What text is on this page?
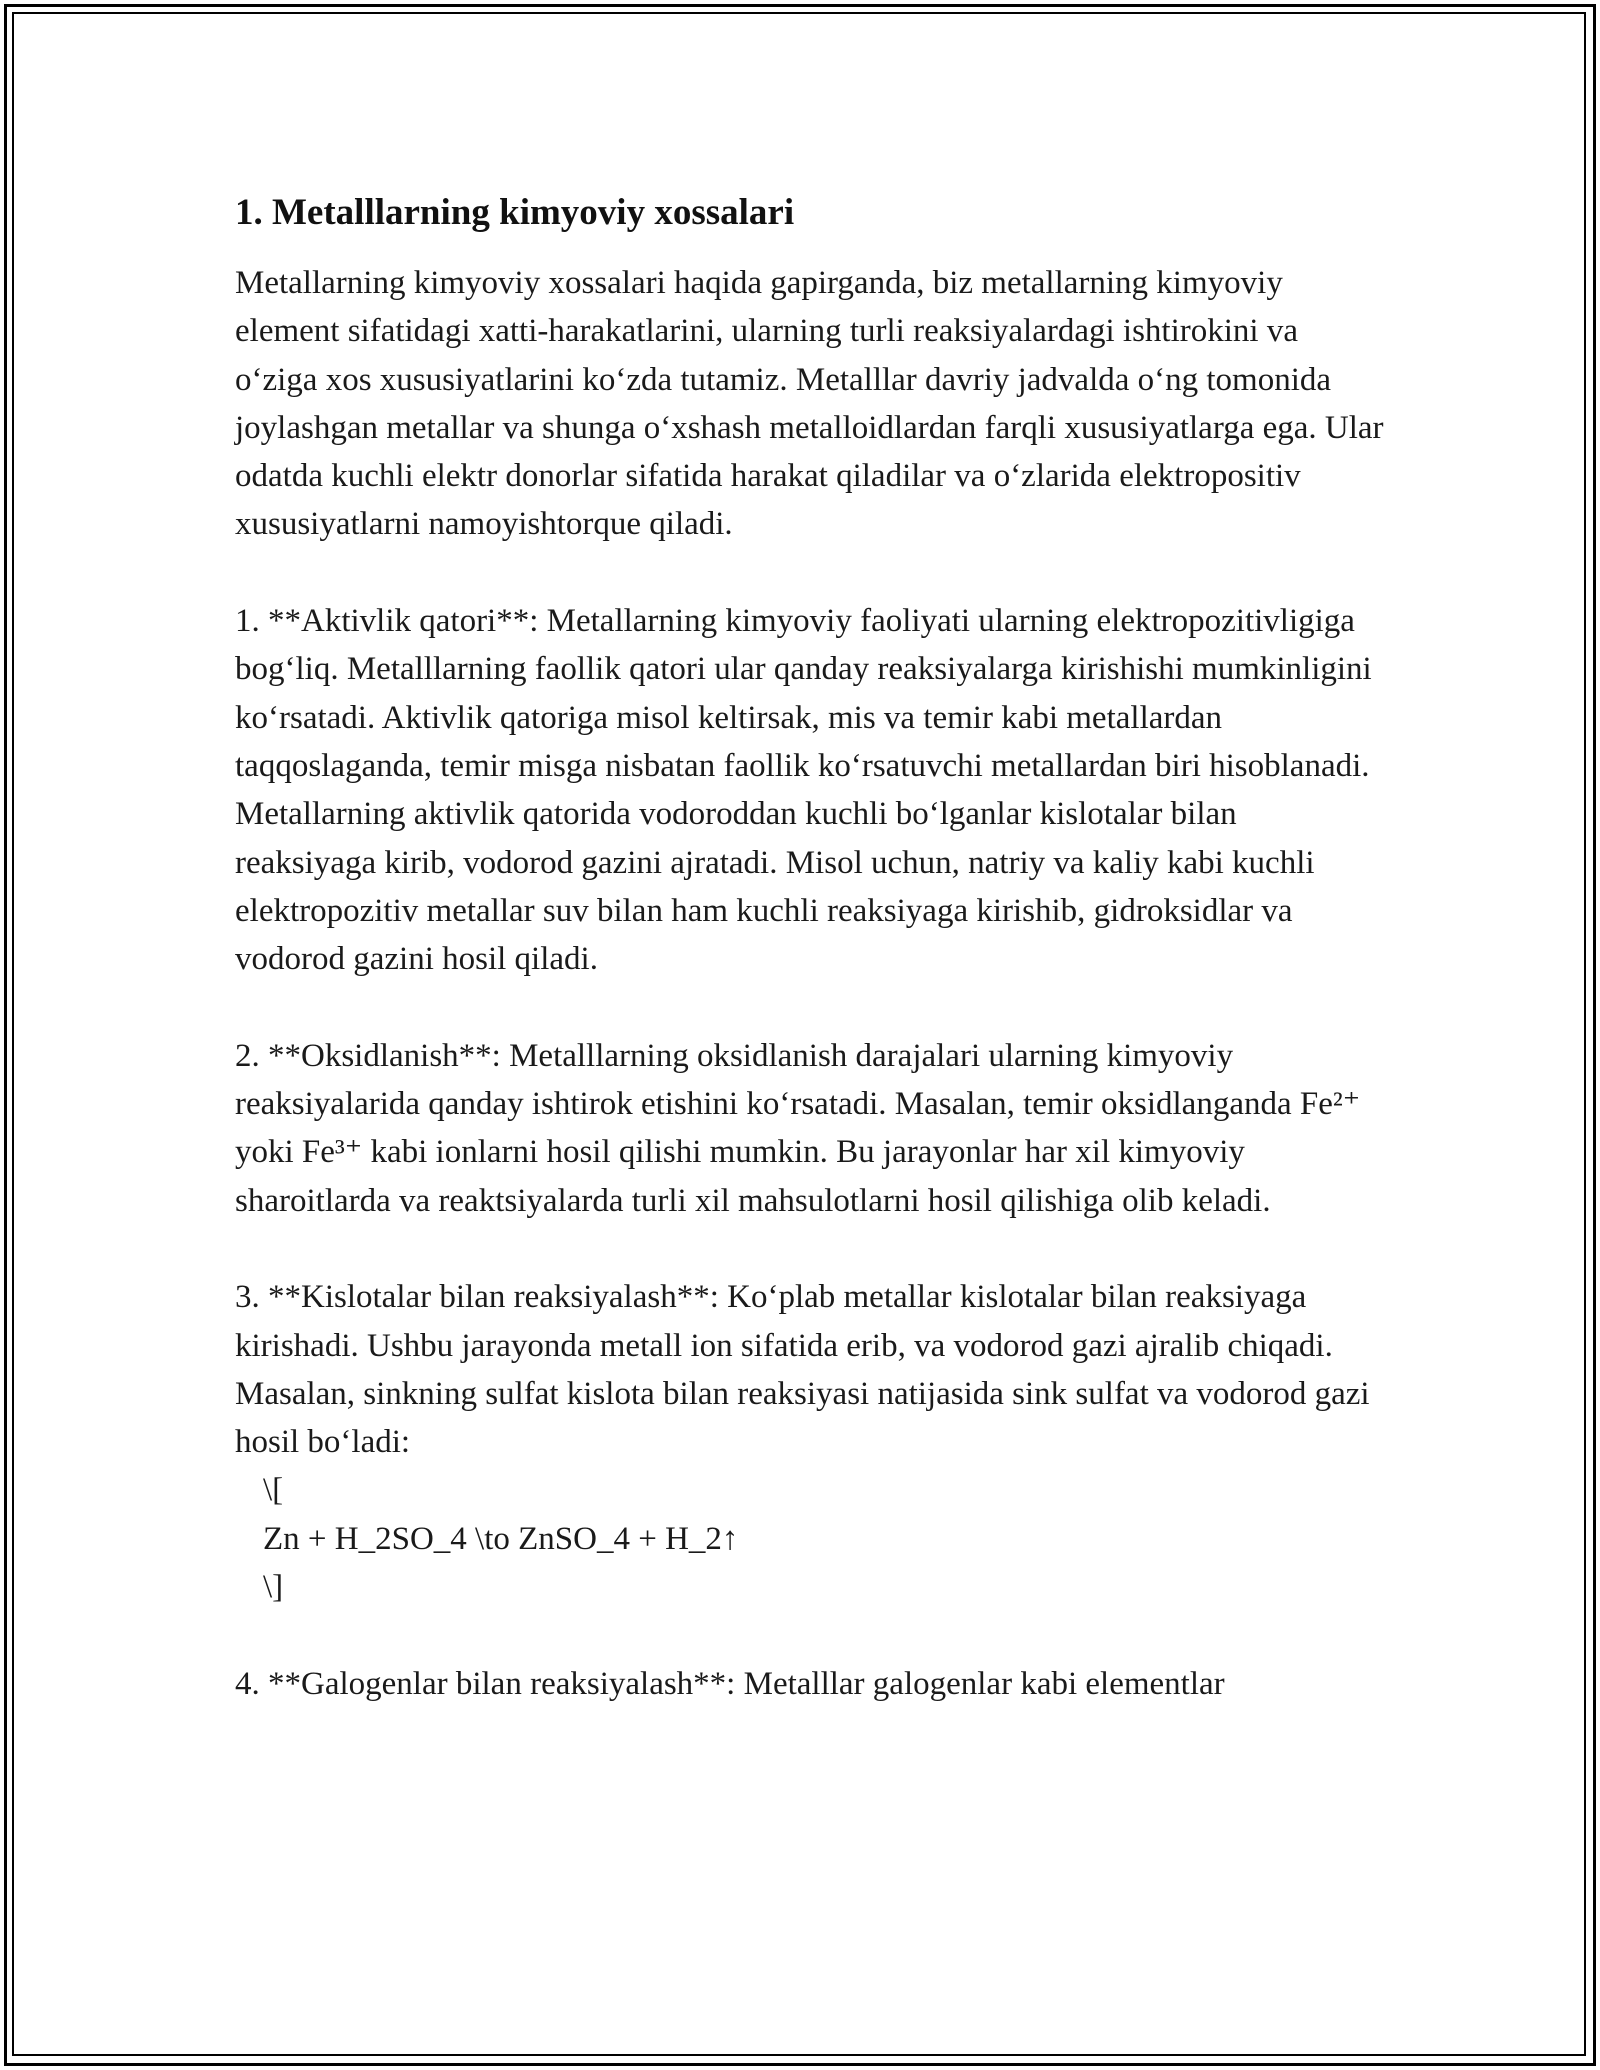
1. Metalllarning kimyoviy xossalari

Metallarning kimyoviy xossalari haqida gapirganda, biz metallarning kimyoviy element sifatidagi xatti-harakatlarini, ularning turli reaksiyalardagi ishtirokini va o‘ziga xos xususiyatlarini ko‘zda tutamiz. Metalllar davriy jadvalda o‘ng tomonida joylashgan metallar va shunga o‘xshash metalloidlardan farqli xususiyatlarga ega. Ular odatda kuchli elektr donorlar sifatida harakat qiladilar va o‘zlarida elektropositiv xususiyatlarni namoyishtorque qiladi.

1. **Aktivlik qatori**: Metallarning kimyoviy faoliyati ularning elektropozitivligiga bog‘liq. Metalllarning faollik qatori ular qanday reaksiyalarga kirishishi mumkinligini ko‘rsatadi. Aktivlik qatoriga misol keltirsak, mis va temir kabi metallardan taqqoslaganda, temir misga nisbatan faollik ko‘rsatuvchi metallardan biri hisoblanadi. Metallarning aktivlik qatorida vodoroddan kuchli bo‘lganlar kislotalar bilan reaksiyaga kirib, vodorod gazini ajratadi. Misol uchun, natriy va kaliy kabi kuchli elektropozitiv metallar suv bilan ham kuchli reaksiyaga kirishib, gidroksidlar va vodorod gazini hosil qiladi.

2. **Oksidlanish**: Metalllarning oksidlanish darajalari ularning kimyoviy reaksiyalarida qanday ishtirok etishini ko‘rsatadi. Masalan, temir oksidlanganda Fe²⁺ yoki Fe³⁺ kabi ionlarni hosil qilishi mumkin. Bu jarayonlar har xil kimyoviy sharoitlarda va reaktsiyalarda turli xil mahsulotlarni hosil qilishiga olib keladi.

3. **Kislotalar bilan reaksiyalash**: Ko‘plab metallar kislotalar bilan reaksiyaga kirishadi. Ushbu jarayonda metall ion sifatida erib, va vodorod gazi ajralib chiqadi. Masalan, sinkning sulfat kislota bilan reaksiyasi natijasida sink sulfat va vodorod gazi hosil bo‘ladi:

\[
Zn + H_2SO_4 \to ZnSO_4 + H_2↑
\]

4. **Galogenlar bilan reaksiyalash**: Metalllar galogenlar kabi elementlar
